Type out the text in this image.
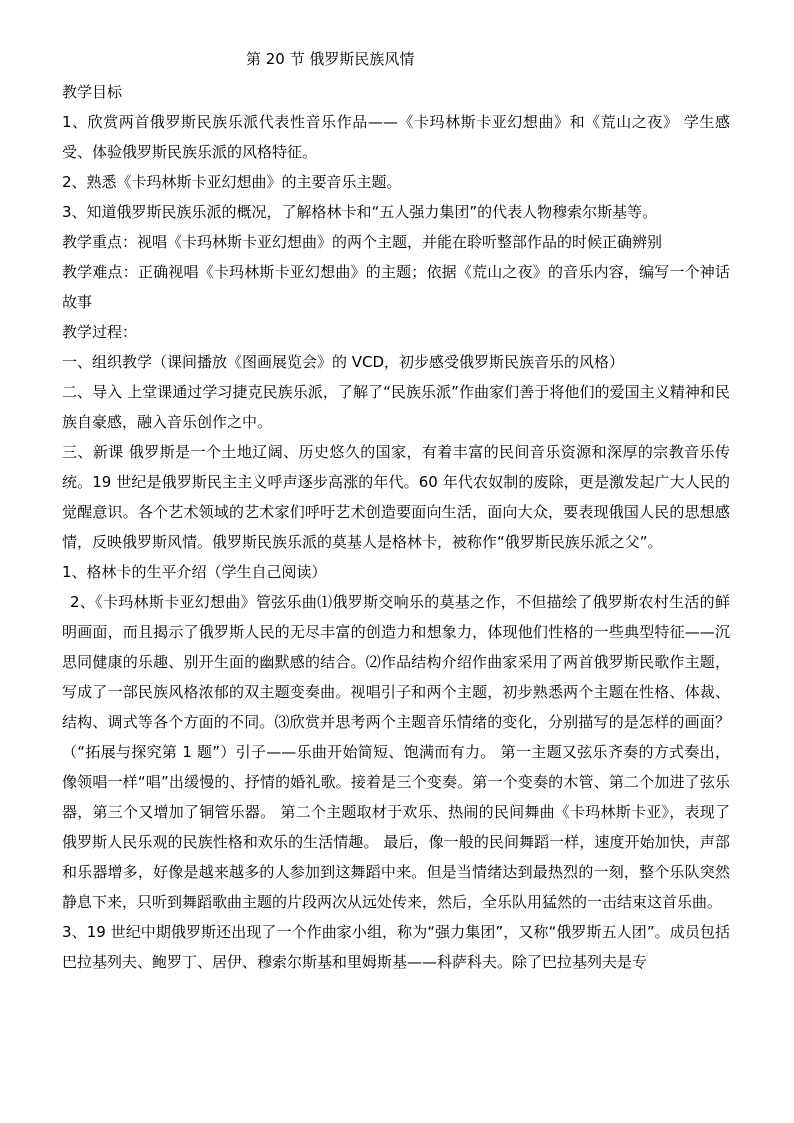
第 20 节 俄罗斯民族风情

教学目标

1、欣赏两首俄罗斯民族乐派代表性音乐作品——《卡玛林斯卡亚幻想曲》和《荒山之夜》 学生感受、体验俄罗斯民族乐派的风格特征。

2、熟悉《卡玛林斯卡亚幻想曲》的主要音乐主题。

3、知道俄罗斯民族乐派的概况，了解格林卡和“五人强力集团”的代表人物穆索尔斯基等。

教学重点：视唱《卡玛林斯卡亚幻想曲》的两个主题，并能在聆听整部作品的时候正确辨别

教学难点：正确视唱《卡玛林斯卡亚幻想曲》的主题；依据《荒山之夜》的音乐内容，编写一个神话故事

教学过程：

一、组织教学（课间播放《图画展览会》的 VCD，初步感受俄罗斯民族音乐的风格）

二、导入 上堂课通过学习捷克民族乐派，了解了“民族乐派”作曲家们善于将他们的爱国主义精神和民族自豪感，融入音乐创作之中。

三、新课 俄罗斯是一个土地辽阔、历史悠久的国家，有着丰富的民间音乐资源和深厚的宗教音乐传统。19 世纪是俄罗斯民主主义呼声逐步高涨的年代。60 年代农奴制的废除，更是激发起广大人民的觉醒意识。各个艺术领域的艺术家们呼吁艺术创造要面向生活，面向大众，要表现俄国人民的思想感情，反映俄罗斯风情。俄罗斯民族乐派的莫基人是格林卡，被称作“俄罗斯民族乐派之父”。

1、格林卡的生平介绍（学生自己阅读）

2、《卡玛林斯卡亚幻想曲》管弦乐曲⑴俄罗斯交响乐的莫基之作，不但描绘了俄罗斯农村生活的鲜明画面，而且揭示了俄罗斯人民的无尽丰富的创造力和想象力，体现他们性格的一些典型特征——沉思同健康的乐趣、别开生面的幽默感的结合。⑵作品结构介绍作曲家采用了两首俄罗斯民歌作主题，写成了一部民族风格浓郁的双主题变奏曲。视唱引子和两个主题，初步熟悉两个主题在性格、体裁、结构、调式等各个方面的不同。⑶欣赏并思考两个主题音乐情绪的变化，分别描写的是怎样的画面？（“拓展与探究第 1 题”）引子——乐曲开始简短、饱满而有力。 第一主题又弦乐齐奏的方式奏出，像领唱一样“唱”出缓慢的、抒情的婚礼歌。接着是三个变奏。第一个变奏的木管、第二个加进了弦乐器，第三个又增加了铜管乐器。 第二个主题取材于欢乐、热闹的民间舞曲《卡玛林斯卡亚》，表现了俄罗斯人民乐观的民族性格和欢乐的生活情趣。 最后，像一般的民间舞蹈一样，速度开始加快，声部和乐器增多，好像是越来越多的人参加到这舞蹈中来。但是当情绪达到最热烈的一刻，整个乐队突然静息下来，只听到舞蹈歌曲主题的片段两次从远处传来，然后，全乐队用猛然的一击结束这首乐曲。

3、19 世纪中期俄罗斯还出现了一个作曲家小组，称为“强力集团”，又称“俄罗斯五人团”。成员包括巴拉基列夫、鲍罗丁、居伊、穆索尔斯基和里姆斯基——科萨科夫。除了巴拉基列夫是专
